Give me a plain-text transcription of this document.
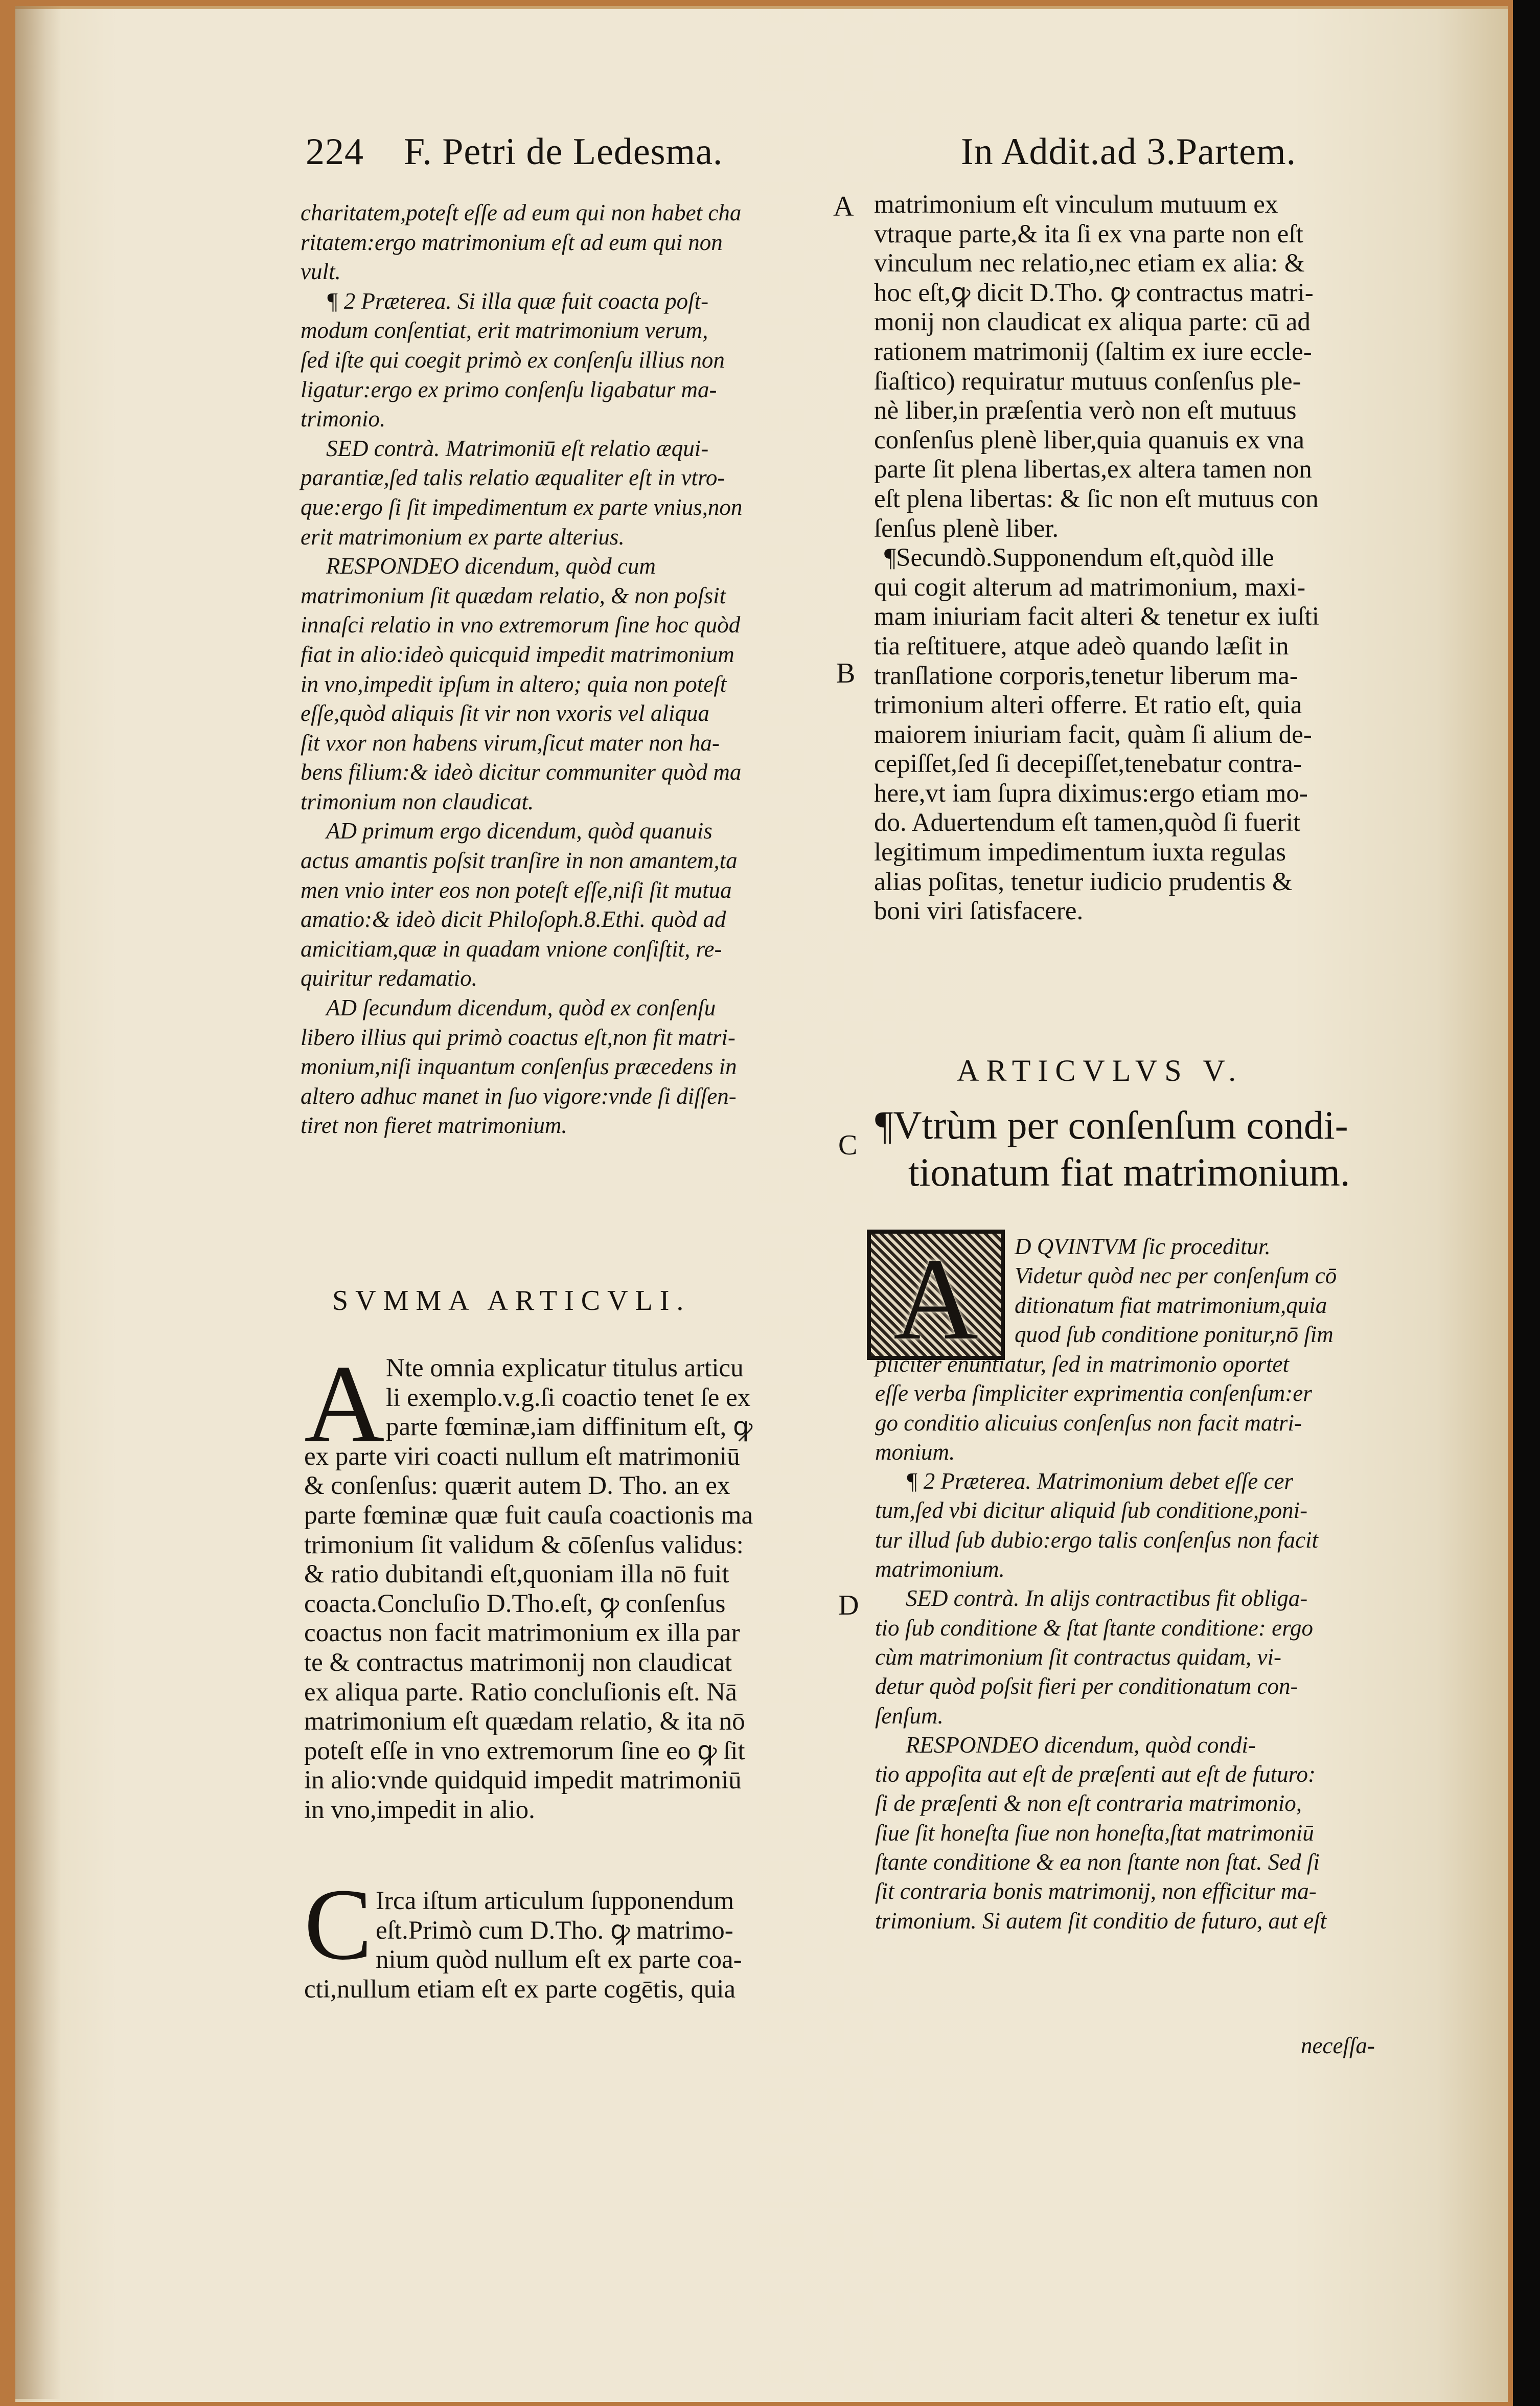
224 F. Petri de Ledesma.	In Addit.ad 3.Partem.
A
B
C
D

charitatem,poteſt eſſe ad eum qui non habet cha

ritatem:ergo matrimonium eſt ad eum qui non

vult.

¶ 2 Præterea. Si illa quæ fuit coacta poſt-

modum conſentiat, erit matrimonium verum,

ſed iſte qui coegit primò ex conſenſu illius non

ligatur:ergo ex primo conſenſu ligabatur ma-

trimonio.

SED contrà. Matrimoniū eſt relatio æqui-

parantiæ,ſed talis relatio æqualiter eſt in vtro-

que:ergo ſi ſit impedimentum ex parte vnius,non

erit matrimonium ex parte alterius.

RESPONDEO dicendum, quòd cum

matrimonium ſit quædam relatio, & non poſsit

innaſci relatio in vno extremorum ſine hoc quòd

fiat in alio:ideò quicquid impedit matrimonium

in vno,impedit ipſum in altero; quia non poteſt

eſſe,quòd aliquis ſit vir non vxoris vel aliqua

ſit vxor non habens virum,ſicut mater non ha-

bens filium:& ideò dicitur communiter quòd ma

trimonium non claudicat.

AD primum ergo dicendum, quòd quanuis

actus amantis poſsit tranſire in non amantem,ta

men vnio inter eos non poteſt eſſe,niſi ſit mutua

amatio:& ideò dicit Philoſoph.8.Ethi. quòd ad

amicitiam,quæ in quadam vnione conſiſtit, re-

quiritur redamatio.

AD ſecundum dicendum, quòd ex conſenſu

libero illius qui primò coactus eſt,non fit matri-

monium,niſi inquantum conſenſus præcedens in

altero adhuc manet in ſuo vigore:vnde ſi diſſen-

tiret non fieret matrimonium.

SVMMA ARTICVLI.
A Nte omnia explicatur titulus articu

li exemplo.v.g.ſi coactio tenet ſe ex

parte fœminæ,iam diffinitum eſt, ꝙ

ex parte viri coacti nullum eſt matrimoniū

& conſenſus: quærit autem D. Tho. an ex

parte fœminæ quæ fuit cauſa coactionis ma

trimonium ſit validum & cōſenſus validus:

& ratio dubitandi eſt,quoniam illa nō fuit

coacta.Concluſio D.Tho.eſt, ꝙ conſenſus

coactus non facit matrimonium ex illa par

te & contractus matrimonij non claudicat

ex aliqua parte. Ratio concluſionis eſt. Nā

matrimonium eſt quædam relatio, & ita nō

poteſt eſſe in vno extremorum ſine eo ꝙ ſit

in alio:vnde quidquid impedit matrimoniū

in vno,impedit in alio.

C Irca iſtum articulum ſupponendum

eſt.Primò cum D.Tho. ꝙ matrimo-

nium quòd nullum eſt ex parte coa-

cti,nullum etiam eſt ex parte cogētis, quia

matrimonium eſt vinculum mutuum ex

vtraque parte,& ita ſi ex vna parte non eſt

vinculum nec relatio,nec etiam ex alia: &

hoc eſt,ꝙ dicit D.Tho. ꝙ contractus matri-

monij non claudicat ex aliqua parte: cū ad

rationem matrimonij (ſaltim ex iure eccle-

ſiaſtico) requiratur mutuus conſenſus ple-

nè liber,in præſentia verò non eſt mutuus

conſenſus plenè liber,quia quanuis ex vna

parte ſit plena libertas,ex altera tamen non

eſt plena libertas: & ſic non eſt mutuus con

ſenſus plenè liber.

¶Secundò.Supponendum eſt,quòd ille

qui cogit alterum ad matrimonium, maxi-

mam iniuriam facit alteri & tenetur ex iuſti

tia reſtituere, atque adeò quando læſit in

tranſlatione corporis,tenetur liberum ma-

trimonium alteri offerre. Et ratio eſt, quia

maiorem iniuriam facit, quàm ſi alium de-

cepiſſet,ſed ſi decepiſſet,tenebatur contra-

here,vt iam ſupra diximus:ergo etiam mo-

do. Aduertendum eſt tamen,quòd ſi fuerit

legitimum impedimentum iuxta regulas

alias poſitas, tenetur iudicio prudentis &

boni viri ſatisfacere.

ARTICVLVS V.

¶Vtrùm per conſenſum condi-

tionatum fiat matrimonium.

A	D QVINTVM ſic proceditur.

Videtur quòd nec per conſenſum cō

ditionatum fiat matrimonium,quia

quod ſub conditione ponitur,nō ſim

pliciter enuntiatur, ſed in matrimonio oportet

eſſe verba ſimpliciter exprimentia conſenſum:er

go conditio alicuius conſenſus non facit matri-

monium.

¶ 2 Præterea. Matrimonium debet eſſe cer

tum,ſed vbi dicitur aliquid ſub conditione,poni-

tur illud ſub dubio:ergo talis conſenſus non facit

matrimonium.

SED contrà. In alijs contractibus fit obliga-

tio ſub conditione & ſtat ſtante conditione: ergo

cùm matrimonium ſit contractus quidam, vi-

detur quòd poſsit fieri per conditionatum con-

ſenſum.

RESPONDEO dicendum, quòd condi-

tio appoſita aut eſt de præſenti aut eſt de futuro:

ſi de præſenti & non eſt contraria matrimonio,

ſiue ſit honeſta ſiue non honeſta,ſtat matrimoniū

ſtante conditione & ea non ſtante non ſtat. Sed ſi

ſit contraria bonis matrimonij, non efficitur ma-

trimonium. Si autem ſit conditio de futuro, aut eſt

neceſſa-
